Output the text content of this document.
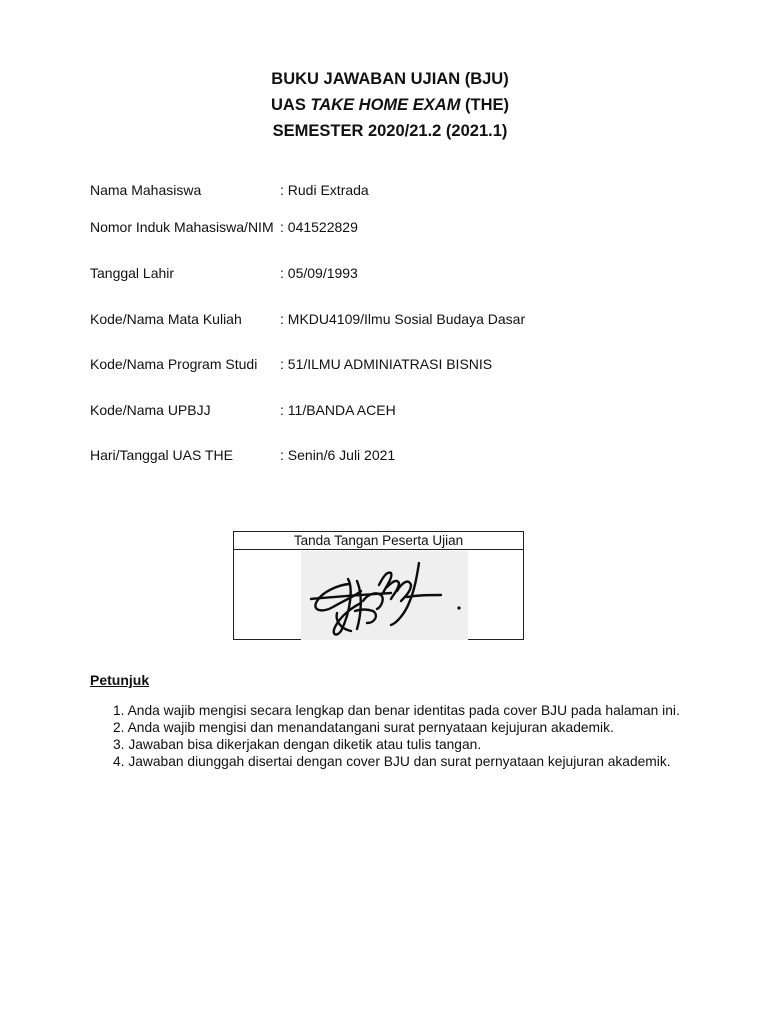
BUKU JAWABAN UJIAN (BJU)
UAS TAKE HOME EXAM (THE)
SEMESTER 2020/21.2 (2021.1)
Nama Mahasiswa	: Rudi Extrada
Nomor Induk Mahasiswa/NIM : 041522829
Tanggal Lahir	: 05/09/1993
Kode/Nama Mata Kuliah	: MKDU4109/Ilmu Sosial Budaya Dasar
Kode/Nama Program Studi : 51/ILMU ADMINIATRASI BISNIS
Kode/Nama UPBJJ	: 11/BANDA ACEH
Hari/Tanggal UAS THE	: Senin/6 Juli 2021
Tanda Tangan Peserta Ujian
Petunjuk
1. Anda wajib mengisi secara lengkap dan benar identitas pada cover BJU pada halaman ini.
2. Anda wajib mengisi dan menandatangani surat pernyataan kejujuran akademik.
3. Jawaban bisa dikerjakan dengan diketik atau tulis tangan.
4. Jawaban diunggah disertai dengan cover BJU dan surat pernyataan kejujuran akademik.
